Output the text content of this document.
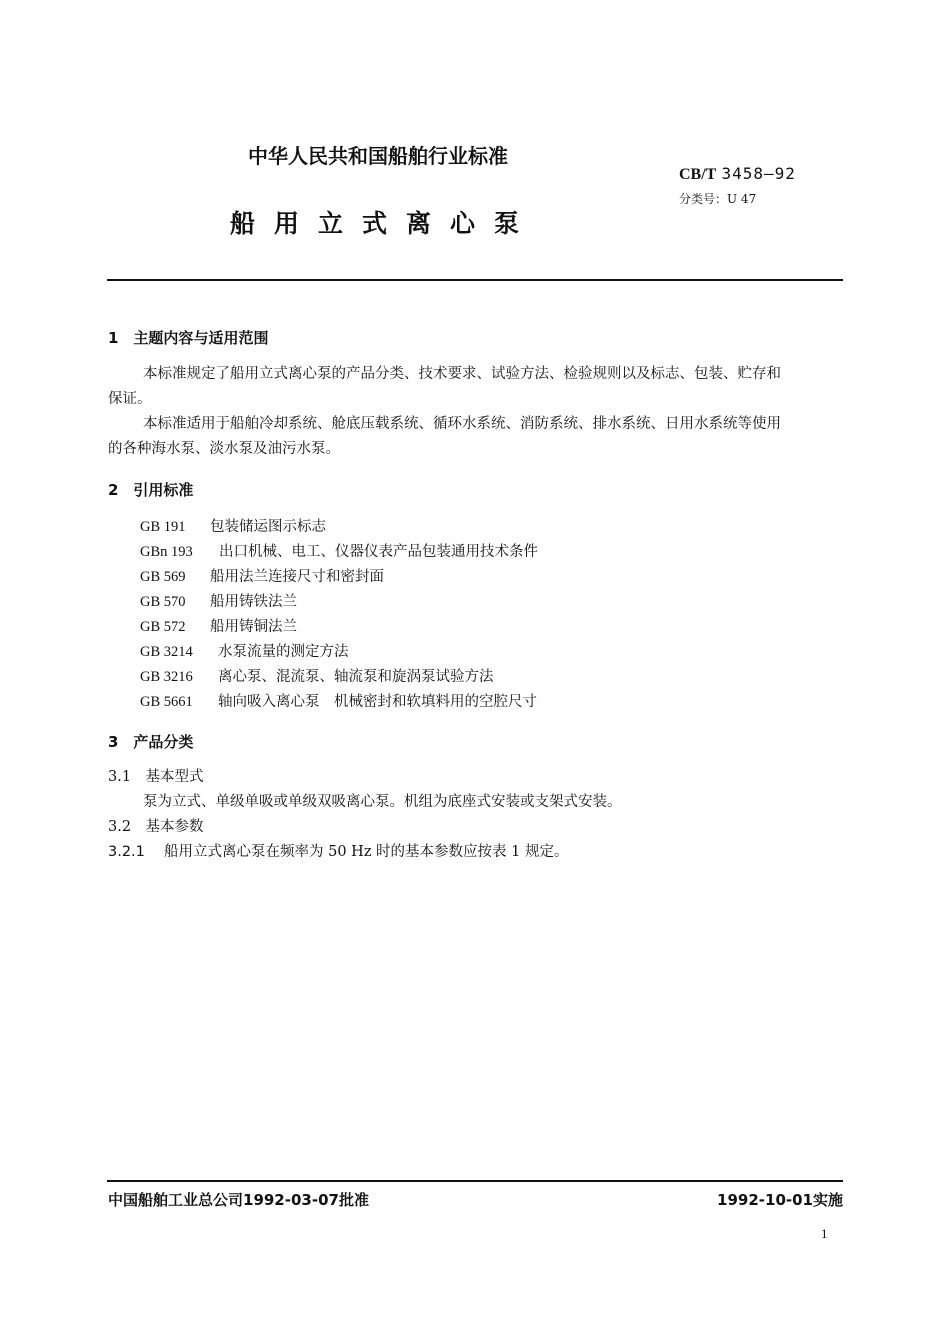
中华人民共和国船舶行业标准
CB/T 3458—92
分类号：U 47
船用立式离心泵
1　主题内容与适用范围
本标准规定了船用立式离心泵的产品分类、技术要求、试验方法、检验规则以及标志、包装、贮存和
保证。
本标准适用于船舶冷却系统、舱底压载系统、循环水系统、消防系统、排水系统、日用水系统等使用
的各种海水泵、淡水泵及油污水泵。
2　引用标准
GB 191 包装储运图示标志
GBn 193 出口机械、电工、仪器仪表产品包装通用技术条件
GB 569 船用法兰连接尺寸和密封面
GB 570 船用铸铁法兰
GB 572 船用铸铜法兰
GB 3214 水泵流量的测定方法
GB 3216 离心泵、混流泵、轴流泵和旋涡泵试验方法
GB 5661 轴向吸入离心泵　机械密封和软填料用的空腔尺寸
3　产品分类
3.1　基本型式
泵为立式、单级单吸或单级双吸离心泵。机组为底座式安装或支架式安装。
3.2　基本参数
3.2.1 船用立式离心泵在频率为 50 Hz 时的基本参数应按表 1 规定。
中国船舶工业总公司1992-03-07批准	1992-10-01实施
1
